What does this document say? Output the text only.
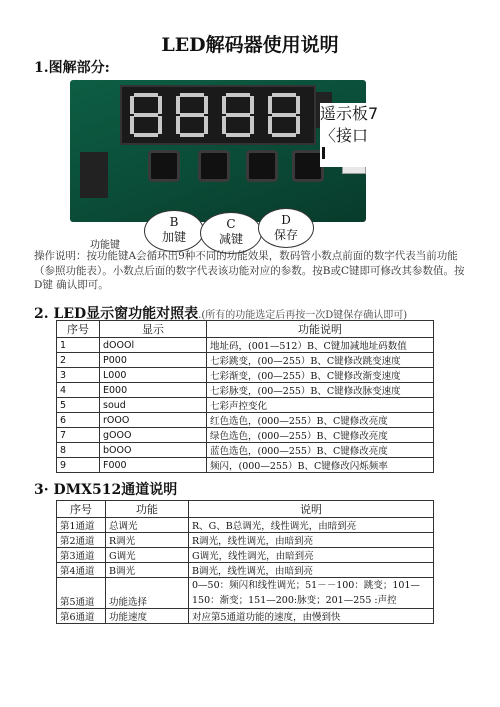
LED解码器使用说明
1.图解部分:
功能键
B
加键
C
减键
D
保存
遥示板7
〈接口
操作说明：按功能键A会循环出9种不同的功能效果，数码管小数点前面的数字代表当前功能（参照功能表）。小数点后面的数字代表该功能对应的参数。按B或C键即可修改其参数值。按D键 确认即可。
2. LED显示窗功能对照表.(所有的功能选定后再按一次D键保存确认即可)
序号	显示	功能说明
1	dOOOl	地址码，(001—512）B、C键加减地址码数值
2	P000	七彩跳变，(00—255）B、C键修改跳变速度
3	L000	七彩渐变，(00—255）B、C键修改渐变速度
4	E000	七彩脉变，(00—255）B、C键修改脉变速度
5	soud	七彩声控变化
6	rOOO	红色选色，(000—255）B、C键修改亮度
7	gOOO	绿色选色，(000—255）B、C键修改亮度
8	bOOO	蓝色选色，(000—255）B、C键修改亮度
9	F000	频闪，(000—255）B、C键修改闪烁频率
3· DMX512通道说明
序号	功能	说明
第1通道	总调光	R、G、B总调光，线性调光，由暗到亮
第2通道	R调光	R调光，线性调光，由暗到亮
第3通道	G调光	G调光，线性调光，由暗到亮
第4通道	B调光	B调光，线性调光，由暗到亮
第5通道	功能选择	0—50：频闪和线性调光；51－－100：跳变；101—150：渐变；151—200:脉变；201—255 :声控
第6通道	功能速度	对应第5通道功能的速度，由慢到快
